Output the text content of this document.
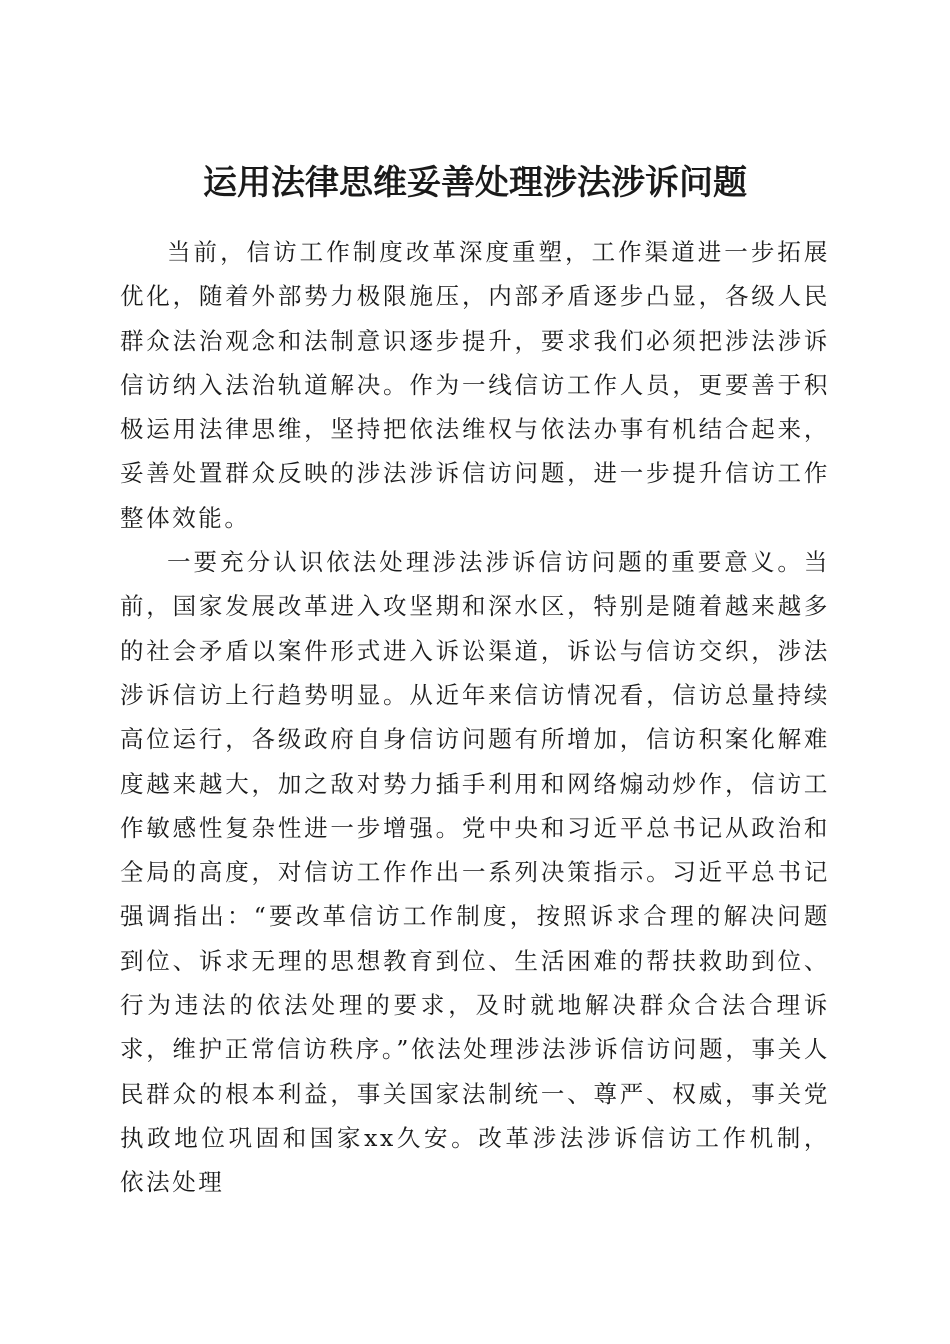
运用法律思维妥善处理涉法涉诉问题

当前，信访工作制度改革深度重塑，工作渠道进一步拓展优化，随着外部势力极限施压，内部矛盾逐步凸显，各级人民群众法治观念和法制意识逐步提升，要求我们必须把涉法涉诉信访纳入法治轨道解决。作为一线信访工作人员，更要善于积极运用法律思维，坚持把依法维权与依法办事有机结合起来，妥善处置群众反映的涉法涉诉信访问题，进一步提升信访工作整体效能。

一要充分认识依法处理涉法涉诉信访问题的重要意义。当前，国家发展改革进入攻坚期和深水区，特别是随着越来越多的社会矛盾以案件形式进入诉讼渠道，诉讼与信访交织，涉法涉诉信访上行趋势明显。从近年来信访情况看，信访总量持续高位运行，各级政府自身信访问题有所增加，信访积案化解难度越来越大，加之敌对势力插手利用和网络煽动炒作，信访工作敏感性复杂性进一步增强。党中央和习近平总书记从政治和全局的高度，对信访工作作出一系列决策指示。习近平总书记强调指出：“要改革信访工作制度，按照诉求合理的解决问题到位、诉求无理的思想教育到位、生活困难的帮扶救助到位、行为违法的依法处理的要求，及时就地解决群众合法合理诉求，维护正常信访秩序。”依法处理涉法涉诉信访问题，事关人民群众的根本利益，事关国家法制统一、尊严、权威，事关党执政地位巩固和国家xx久安。改革涉法涉诉信访工作机制，依法处理
